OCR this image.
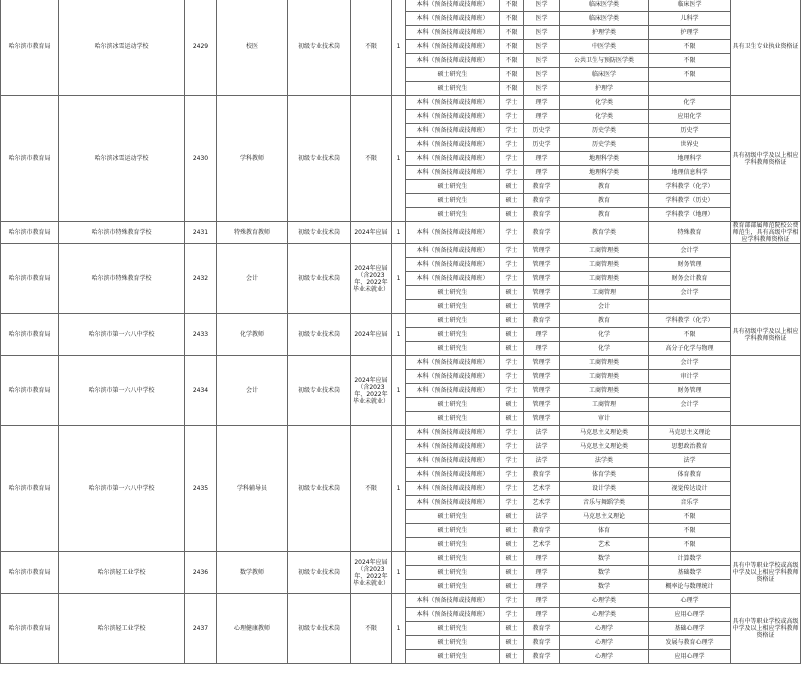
哈尔滨市教育局	哈尔滨冰雪运动学校	2429	校医	初级专业技术岗	不限	1	本科（预备技师或技师班）	不限	医学	临床医学类	临床医学	具有卫生专业执业资格证
							本科（预备技师或技师班）	不限	医学	临床医学类	儿科学	
							本科（预备技师或技师班）	不限	医学	护理学类	护理学	
							本科（预备技师或技师班）	不限	医学	中医学类	不限	
							本科（预备技师或技师班）	不限	医学	公共卫生与预防医学类	不限	
							硕士研究生	不限	医学	临床医学	不限	
							硕士研究生	不限	医学	护理学		
哈尔滨市教育局	哈尔滨冰雪运动学校	2430	学科教师	初级专业技术岗	不限	1	本科（预备技师或技师班）	学士	理学	化学类	化学	具有初级中学及以上相应学科教师资格证
							本科（预备技师或技师班）	学士	理学	化学类	应用化学	
							本科（预备技师或技师班）	学士	历史学	历史学类	历史学	
							本科（预备技师或技师班）	学士	历史学	历史学类	世界史	
							本科（预备技师或技师班）	学士	理学	地理科学类	地理科学	
							本科（预备技师或技师班）	学士	理学	地理科学类	地理信息科学	
							硕士研究生	硕士	教育学	教育	学科教学（化学）	
							硕士研究生	硕士	教育学	教育	学科教学（历史）	
							硕士研究生	硕士	教育学	教育	学科教学（地理）	
哈尔滨市教育局	哈尔滨市特殊教育学校	2431	特殊教育教师	初级专业技术岗	2024年应届	1	本科（预备技师或技师班）	学士	教育学	教育学类	特殊教育	教育部部属师范院校公费师范生，具有高级中学相应学科教师资格证
哈尔滨市教育局	哈尔滨市特殊教育学校	2432	会计	初级专业技术岗	2024年应届（含2023年、2022年毕业未就业）	1	本科（预备技师或技师班）	学士	管理学	工商管理类	会计学	
							本科（预备技师或技师班）	学士	管理学	工商管理类	财务管理	
							本科（预备技师或技师班）	学士	管理学	工商管理类	财务会计教育	
							硕士研究生	硕士	管理学	工商管理	会计学	
							硕士研究生	硕士	管理学	会计		
哈尔滨市教育局	哈尔滨市第一六八中学校	2433	化学教师	初级专业技术岗	2024年应届	1	硕士研究生	硕士	教育学	教育	学科教学（化学）	具有初级中学及以上相应学科教师资格证
							硕士研究生	硕士	理学	化学	不限	
							硕士研究生	硕士	理学	化学	高分子化学与物理	
哈尔滨市教育局	哈尔滨市第一六八中学校	2434	会计	初级专业技术岗	2024年应届（含2023年、2022年毕业未就业）	1	本科（预备技师或技师班）	学士	管理学	工商管理类	会计学	
							本科（预备技师或技师班）	学士	管理学	工商管理类	审计学	
							本科（预备技师或技师班）	学士	管理学	工商管理类	财务管理	
							硕士研究生	硕士	管理学	工商管理	会计学	
							硕士研究生	硕士	管理学	审计		
哈尔滨市教育局	哈尔滨市第一六八中学校	2435	学科辅导员	初级专业技术岗	不限	1	本科（预备技师或技师班）	学士	法学	马克思主义理论类	马克思主义理论	
							本科（预备技师或技师班）	学士	法学	马克思主义理论类	思想政治教育	
							本科（预备技师或技师班）	学士	法学	法学类	法学	
							本科（预备技师或技师班）	学士	教育学	体育学类	体育教育	
							本科（预备技师或技师班）	学士	艺术学	设计学类	视觉传达设计	
							本科（预备技师或技师班）	学士	艺术学	音乐与舞蹈学类	音乐学	
							硕士研究生	硕士	法学	马克思主义理论	不限	
							硕士研究生	硕士	教育学	体育	不限	
							硕士研究生	硕士	艺术学	艺术	不限	
哈尔滨市教育局	哈尔滨轻工业学校	2436	数学教师	初级专业技术岗	2024年应届（含2023年、2022年毕业未就业）	1	硕士研究生	硕士	理学	数学	计算数学	具有中等职业学校或高级中学及以上相应学科教师资格证
							硕士研究生	硕士	理学	数学	基础数学	
							硕士研究生	硕士	理学	数学	概率论与数理统计	
哈尔滨市教育局	哈尔滨轻工业学校	2437	心理健康教师	初级专业技术岗	不限	1	本科（预备技师或技师班）	学士	理学	心理学类	心理学	具有中等职业学校或高级中学及以上相应学科教师资格证
							本科（预备技师或技师班）	学士	理学	心理学类	应用心理学	
							硕士研究生	硕士	教育学	心理学	基础心理学	
							硕士研究生	硕士	教育学	心理学	发展与教育心理学	
							硕士研究生	硕士	教育学	心理学	应用心理学	
